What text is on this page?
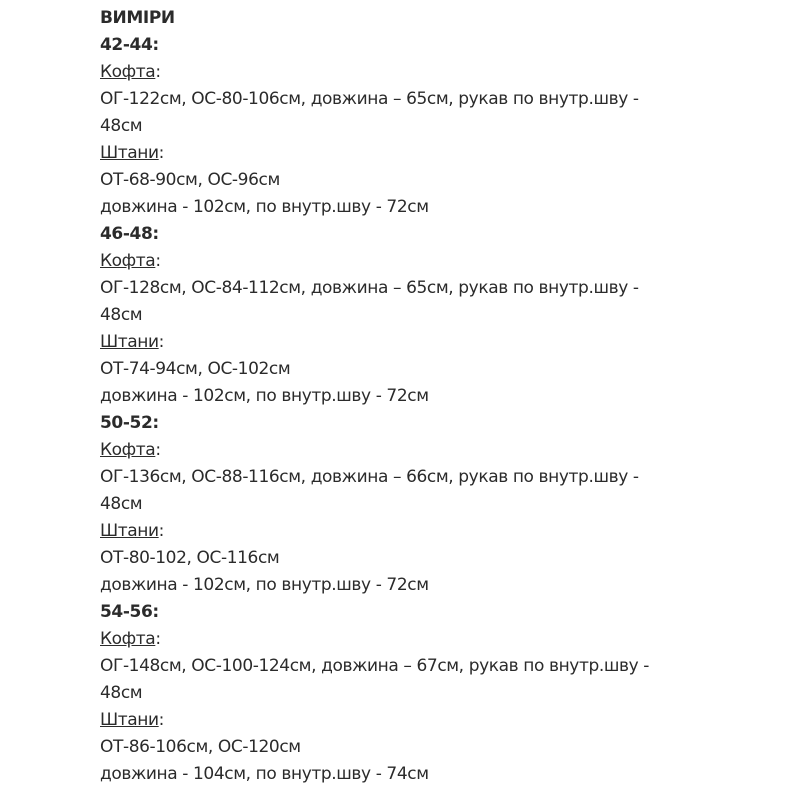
ВИМІРИ
42-44:
Кофта:
ОГ-122см, ОС-80-106см, довжина – 65см, рукав по внутр.шву -
48см
Штани:
ОТ-68-90см, ОС-96см
довжина - 102см, по внутр.шву - 72см
46-48:
Кофта:
ОГ-128см, ОС-84-112см, довжина – 65см, рукав по внутр.шву -
48см
Штани:
ОТ-74-94см, ОС-102см
довжина - 102см, по внутр.шву - 72см
50-52:
Кофта:
ОГ-136см, ОС-88-116см, довжина – 66см, рукав по внутр.шву -
48см
Штани:
ОТ-80-102, ОС-116см
довжина - 102см, по внутр.шву - 72см
54-56:
Кофта:
ОГ-148см, ОС-100-124см, довжина – 67см, рукав по внутр.шву -
48см
Штани:
ОТ-86-106см, ОС-120см
довжина - 104см, по внутр.шву - 74см
